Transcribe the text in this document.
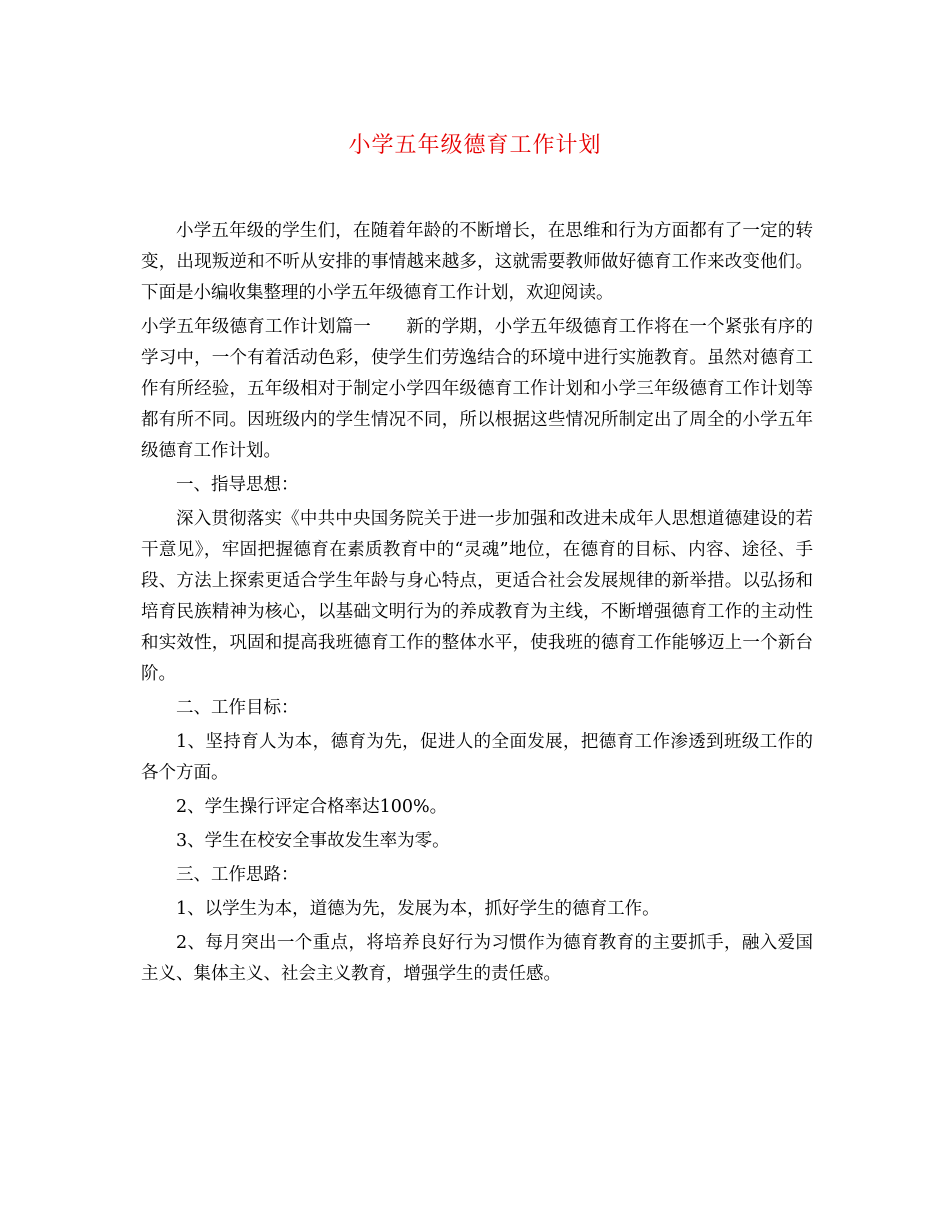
小学五年级德育工作计划

小学五年级的学生们，在随着年龄的不断增长，在思维和行为方面都有了一定的转变，出现叛逆和不听从安排的事情越来越多，这就需要教师做好德育工作来改变他们。下面是小编收集整理的小学五年级德育工作计划，欢迎阅读。

小学五年级德育工作计划篇一　　新的学期，小学五年级德育工作将在一个紧张有序的学习中，一个有着活动色彩，使学生们劳逸结合的环境中进行实施教育。虽然对德育工作有所经验，五年级相对于制定小学四年级德育工作计划和小学三年级德育工作计划等都有所不同。因班级内的学生情况不同，所以根据这些情况所制定出了周全的小学五年级德育工作计划。

一、指导思想：

深入贯彻落实《中共中央国务院关于进一步加强和改进未成年人思想道德建设的若干意见》，牢固把握德育在素质教育中的“灵魂”地位，在德育的目标、内容、途径、手段、方法上探索更适合学生年龄与身心特点，更适合社会发展规律的新举措。以弘扬和培育民族精神为核心，以基础文明行为的养成教育为主线，不断增强德育工作的主动性和实效性，巩固和提高我班德育工作的整体水平，使我班的德育工作能够迈上一个新台阶。

二、工作目标：

1、坚持育人为本，德育为先，促进人的全面发展，把德育工作渗透到班级工作的各个方面。

2、学生操行评定合格率达100%。

3、学生在校安全事故发生率为零。

三、工作思路：

1、以学生为本，道德为先，发展为本，抓好学生的德育工作。

2、每月突出一个重点，将培养良好行为习惯作为德育教育的主要抓手，融入爱国主义、集体主义、社会主义教育，增强学生的责任感。
